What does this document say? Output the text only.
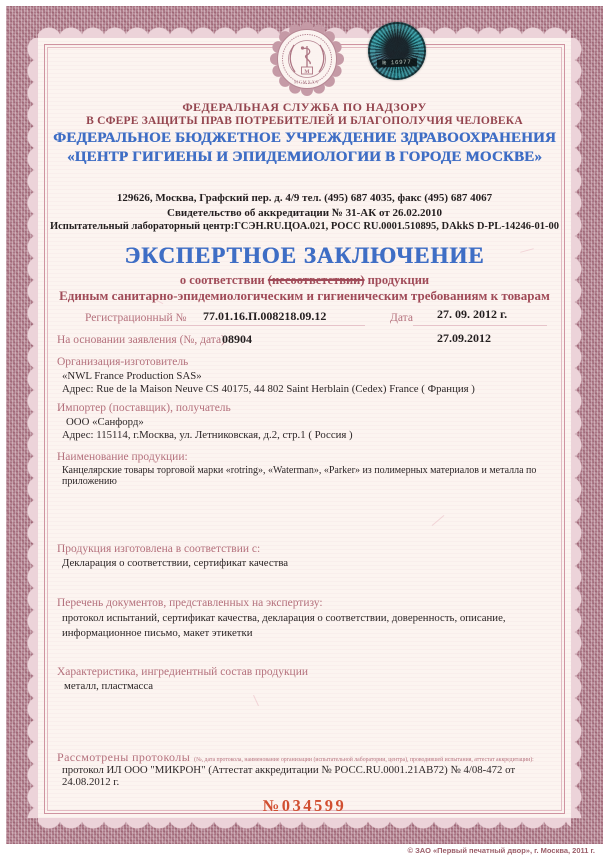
М
МСМХХV
№ 16977
ФЕДЕРАЛЬНАЯ СЛУЖБА ПО НАДЗОРУ
В СФЕРЕ ЗАЩИТЫ ПРАВ ПОТРЕБИТЕЛЕЙ И БЛАГОПОЛУЧИЯ ЧЕЛОВЕКА
ФЕДЕРАЛЬНОЕ БЮДЖЕТНОЕ УЧРЕЖДЕНИЕ ЗДРАВООХРАНЕНИЯ
«ЦЕНТР ГИГИЕНЫ И ЭПИДЕМИОЛОГИИ В ГОРОДЕ МОСКВЕ»
129626, Москва, Графский пер. д. 4/9 тел. (495) 687 4035, факс (495) 687 4067
Свидетельство об аккредитации № 31-АК от 26.02.2010
Испытательный лабораторный центр:ГСЭН.RU.ЦОА.021, РОСС RU.0001.510895, DAkkS D-PL-14246-01-00
ЭКСПЕРТНОЕ ЗАКЛЮЧЕНИЕ
о соответствии (несоответствии) продукции
Единым санитарно-эпидемиологическим и гигиеническим требованиям к товарам
Регистрационный № 77.01.16.П.008218.09.12	Дата 27. 09. 2012 г.
На основании заявления (№, дата)
08904	27.09.2012
Организация-изготовитель
«NWL France Production SAS»
Адрес: Rue de la Maison Neuve CS 40175, 44 802 Saint Herblain (Cedex) France ( Франция )
Импортер (поставщик), получатель
ООО «Санфорд»
Адрес: 115114, г.Москва, ул. Летниковская, д.2, стр.1 ( Россия )
Наименование продукции:
Канцелярские товары торговой марки «rotring», «Waterman», «Parker» из полимерных материалов и металла по приложению
Продукция изготовлена в соответствии с:
Декларация о соответствии, сертификат качества
Перечень документов, представленных на экспертизу:
протокол испытаний, сертификат качества, декларация о соответствии, доверенность, описание, информационное письмо, макет этикетки
Характеристика, ингредиентный состав продукции
металл, пластмасса
Рассмотрены протоколы (№, дата протокола, наименование организации (испытательной лаборатории, центра), проводившей испытания, аттестат аккредитации):
протокол ИЛ ООО "МИКРОН" (Аттестат аккредитации № РОСС.RU.0001.21АВ72) № 4/08-472 от 24.08.2012 г.
№034599
© ЗАО «Первый печатный двор», г. Москва, 2011 г.
